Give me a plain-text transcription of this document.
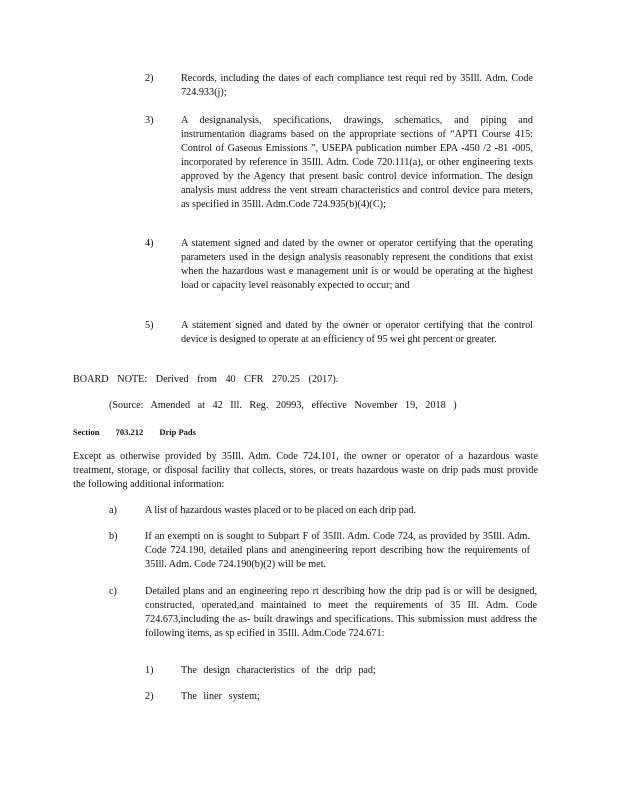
2)	Records, including the dates of each compliance test requi red by 35Ill. Adm. Code 724.933(j);
3)	A designanalysis, specifications, drawings, schematics, and piping and instrumentation diagrams based on the appropriate sections of “APTI Course 415: Control of Gaseous Emissions ”, USEPA publication number EPA -450 /2 -81 -005, incorporated by reference in 35Ill. Adm. Code 720.111(a), or other engineering texts approved by the Agency that present basic control device information. The design analysis must address the vent stream characteristics and control device para meters, as specified in 35Ill. Adm.Code 724.935(b)(4)(C);
4)	A statement signed and dated by the owner or operator certifying that the operating parameters used in the design analysis reasonably represent the conditions that exist when the hazardous wast e management unit is or would be operating at the highest load or capacity level reasonably expected to occur; and
5)	A statement signed and dated by the owner or operator certifying that the control device is designed to operate at an efficiency of 95 wei ght percent or greater.
BOARD NOTE: Derived from 40 CFR 270.25 (2017).
(Source: Amended at 42 Ill. Reg. 20993, effective November 19, 2018 )
Section 703.212 Drip Pads
Except as otherwise provided by 35Ill. Adm. Code 724.101, the owner or operator of a hazardous waste treatment, storage, or disposal facility that collects, stores, or treats hazardous waste on drip pads must provide the following additional information:
a)	A list of hazardous wastes placed or to be placed on each drip pad.
b)	If an exempti on is sought to Subpart F of 35Ill. Adm. Code 724, as provided by 35Ill. Adm. Code 724.190, detailed plans and anengineering report describing how the requirements of 35Ill. Adm. Code 724.190(b)(2) will be met.
c)	Detailed plans and an engineering repo rt describing how the drip pad is or will be designed, constructed, operated,and maintained to meet the requirements of 35 Ill. Adm. Code 724.673,including the as- built drawings and specifications. This submission must address the following items, as sp ecified in 35Ill. Adm.Code 724.671:
1)	The design characteristics of the drip pad;
2)	The liner system;
